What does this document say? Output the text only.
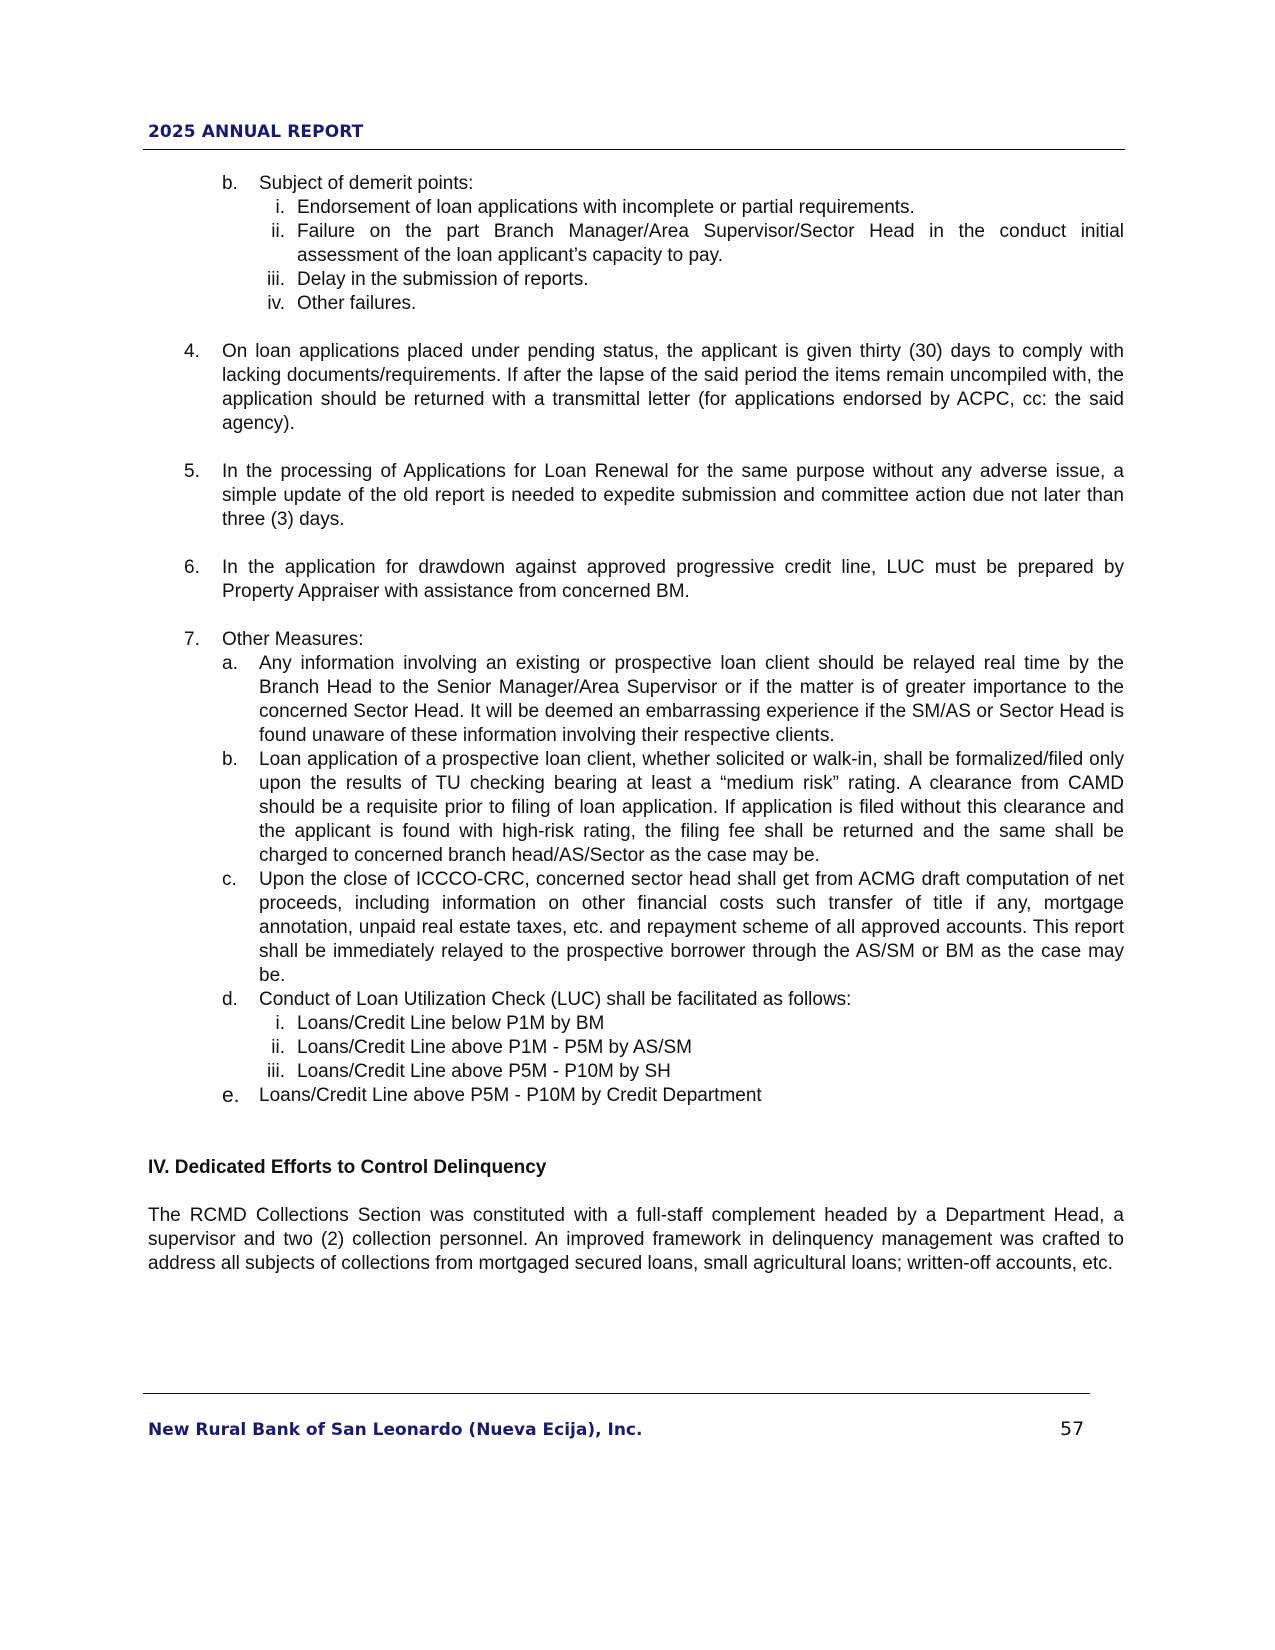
2025 ANNUAL REPORT
b. Subject of demerit points:
i. Endorsement of loan applications with incomplete or partial requirements.
ii. Failure on the part Branch Manager/Area Supervisor/Sector Head in the conduct initial assessment of the loan applicant’s capacity to pay.
iii. Delay in the submission of reports.
iv. Other failures.
4. On loan applications placed under pending status, the applicant is given thirty (30) days to comply with lacking documents/requirements. If after the lapse of the said period the items remain uncompiled with, the application should be returned with a transmittal letter (for applications endorsed by ACPC, cc: the said agency).
5. In the processing of Applications for Loan Renewal for the same purpose without any adverse issue, a simple update of the old report is needed to expedite submission and committee action due not later than three (3) days.
6. In the application for drawdown against approved progressive credit line, LUC must be prepared by Property Appraiser with assistance from concerned BM.
7. Other Measures:
a. Any information involving an existing or prospective loan client should be relayed real time by the Branch Head to the Senior Manager/Area Supervisor or if the matter is of greater importance to the concerned Sector Head. It will be deemed an embarrassing experience if the SM/AS or Sector Head is found unaware of these information involving their respective clients.
b. Loan application of a prospective loan client, whether solicited or walk-in, shall be formalized/filed only upon the results of TU checking bearing at least a “medium risk” rating. A clearance from CAMD should be a requisite prior to filing of loan application. If application is filed without this clearance and the applicant is found with high-risk rating, the filing fee shall be returned and the same shall be charged to concerned branch head/AS/Sector as the case may be.
c. Upon the close of ICCCO-CRC, concerned sector head shall get from ACMG draft computation of net proceeds, including information on other financial costs such transfer of title if any, mortgage annotation, unpaid real estate taxes, etc. and repayment scheme of all approved accounts. This report shall be immediately relayed to the prospective borrower through the AS/SM or BM as the case may be.
d. Conduct of Loan Utilization Check (LUC) shall be facilitated as follows:
i. Loans/Credit Line below P1M by BM
ii. Loans/Credit Line above P1M - P5M by AS/SM
iii. Loans/Credit Line above P5M - P10M by SH
e. Loans/Credit Line above P5M - P10M by Credit Department
IV. Dedicated Efforts to Control Delinquency
The RCMD Collections Section was constituted with a full-staff complement headed by a Department Head, a supervisor and two (2) collection personnel. An improved framework in delinquency management was crafted to address all subjects of collections from mortgaged secured loans, small agricultural loans; written-off accounts, etc.
New Rural Bank of San Leonardo (Nueva Ecija), Inc.	57
